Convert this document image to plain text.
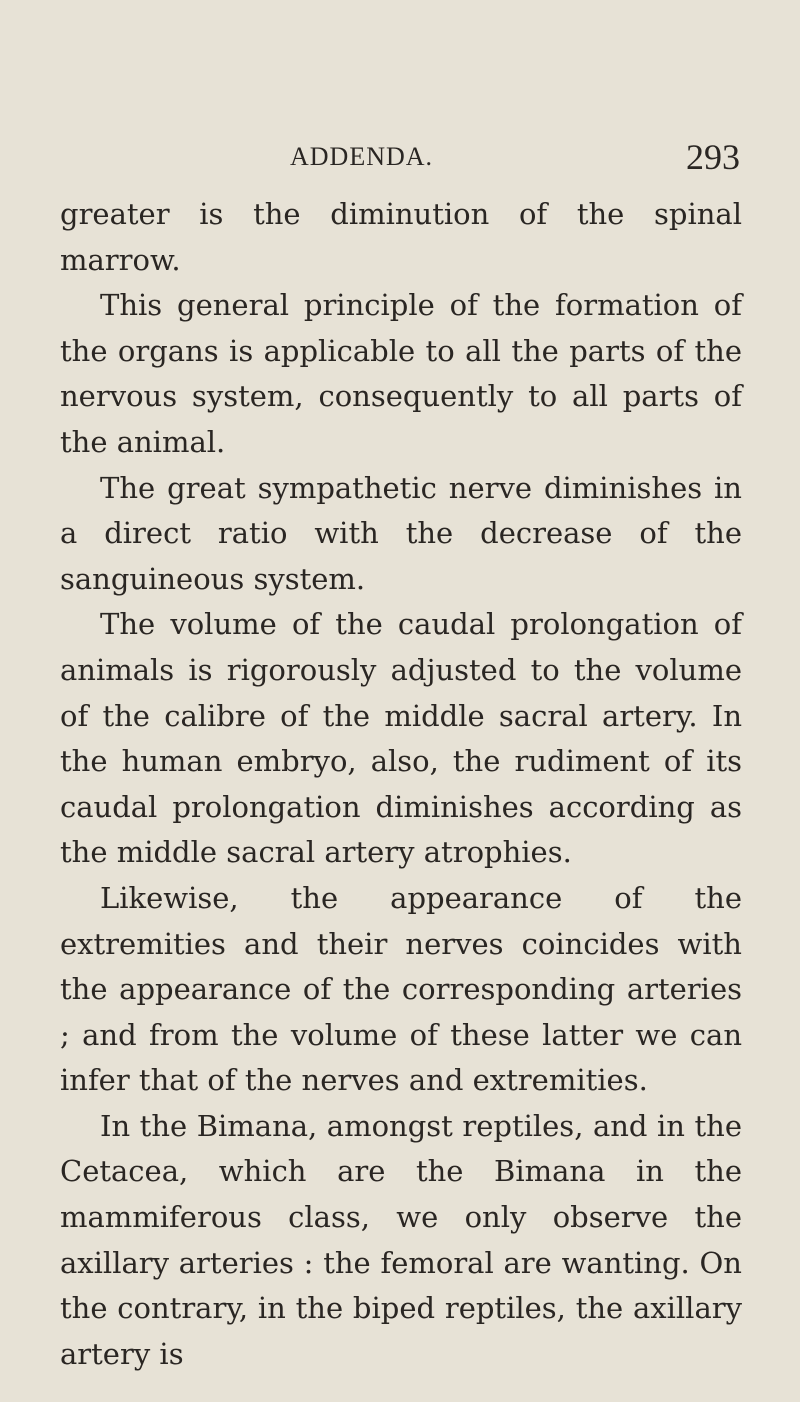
ADDENDA.	293

greater is the diminution of the spinal marrow.

This general principle of the formation of the organs is applicable to all the parts of the nervous system, consequently to all parts of the animal.

The great sympathetic nerve diminishes in a direct ratio with the decrease of the sanguineous system.

The volume of the caudal prolongation of animals is rigorously adjusted to the volume of the calibre of the middle sacral artery. In the human embryo, also, the rudiment of its caudal prolongation diminishes according as the middle sacral artery atrophies.

Likewise, the appearance of the extremities and their nerves coincides with the appearance of the corresponding arteries ; and from the volume of these latter we can infer that of the nerves and extremities.

In the Bimana, amongst reptiles, and in the Cetacea, which are the Bimana in the mammiferous class, we only observe the axillary arteries : the femoral are wanting. On the contrary, in the biped reptiles, the axillary artery is
